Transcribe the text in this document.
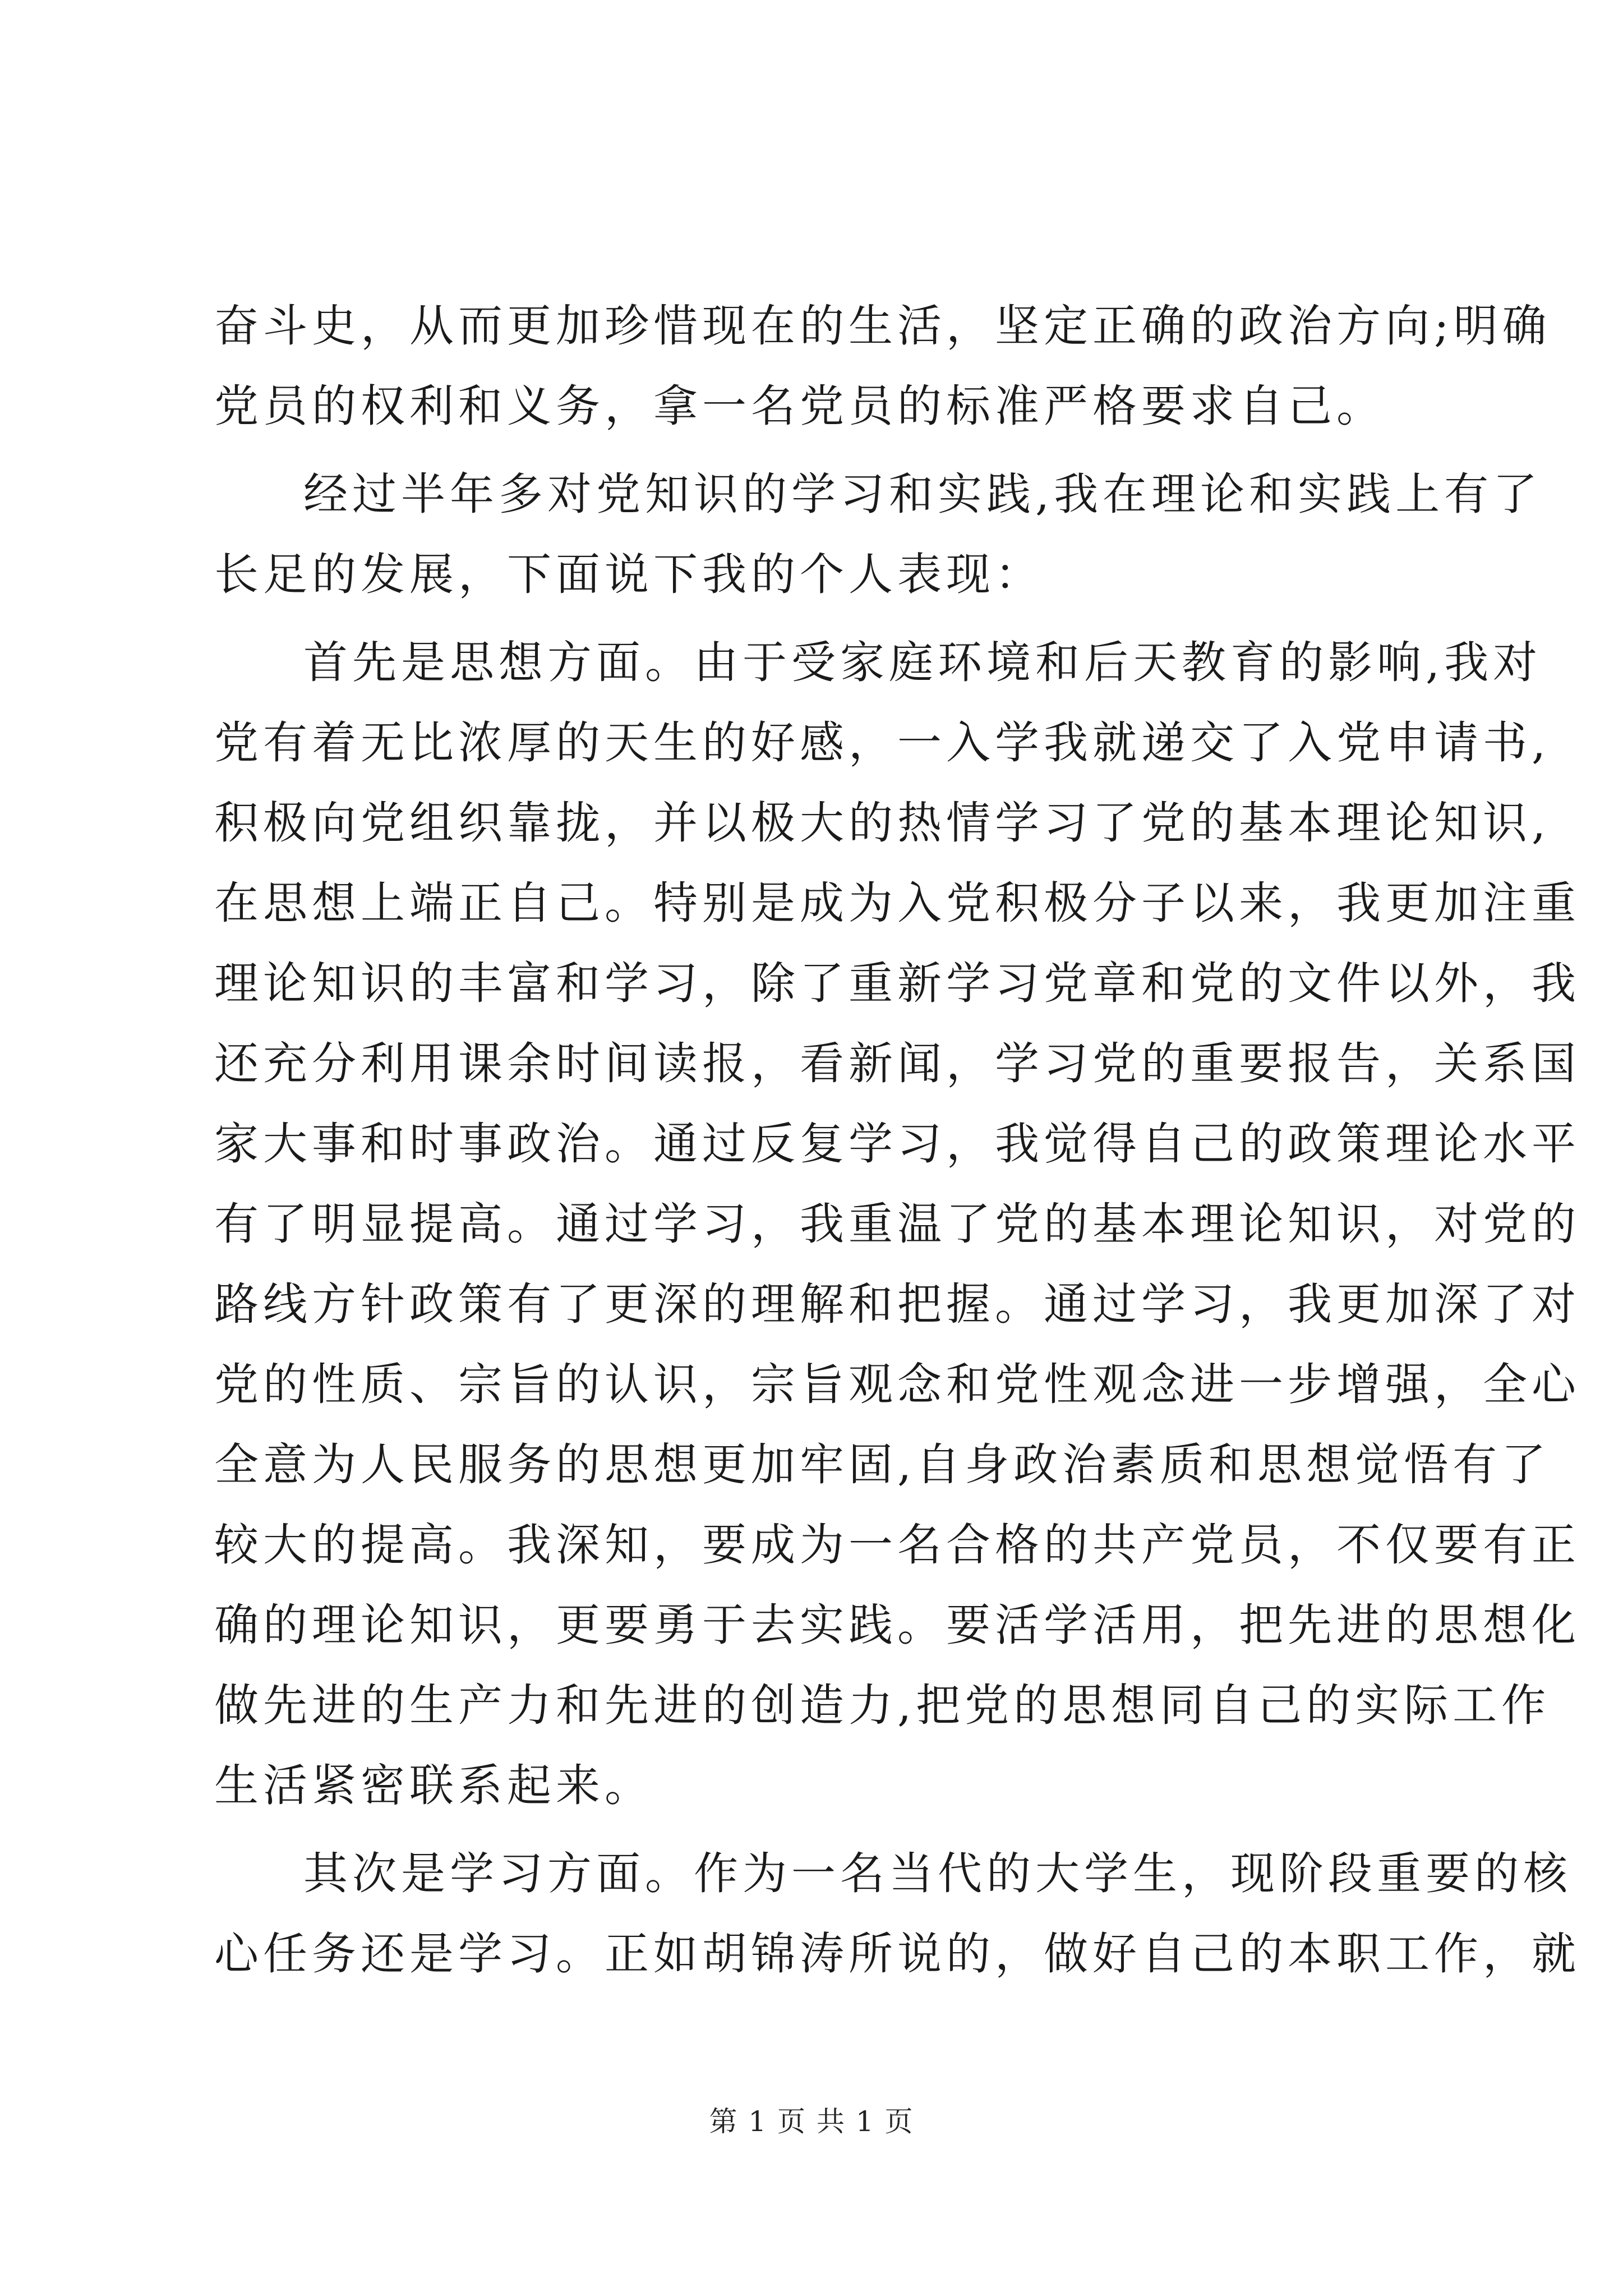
奋斗史，从而更加珍惜现在的生活，坚定正确的政治方向;明确
党员的权利和义务，拿一名党员的标准严格要求自己。
经过半年多对党知识的学习和实践,我在理论和实践上有了
长足的发展，下面说下我的个人表现：
首先是思想方面。由于受家庭环境和后天教育的影响,我对
党有着无比浓厚的天生的好感，一入学我就递交了入党申请书,
积极向党组织靠拢，并以极大的热情学习了党的基本理论知识,
在思想上端正自己。特别是成为入党积极分子以来，我更加注重
理论知识的丰富和学习，除了重新学习党章和党的文件以外，我
还充分利用课余时间读报，看新闻，学习党的重要报告，关系国
家大事和时事政治。通过反复学习，我觉得自己的政策理论水平
有了明显提高。通过学习，我重温了党的基本理论知识，对党的
路线方针政策有了更深的理解和把握。通过学习，我更加深了对
党的性质、宗旨的认识，宗旨观念和党性观念进一步增强，全心
全意为人民服务的思想更加牢固,自身政治素质和思想觉悟有了
较大的提高。我深知，要成为一名合格的共产党员，不仅要有正
确的理论知识，更要勇于去实践。要活学活用，把先进的思想化
做先进的生产力和先进的创造力,把党的思想同自己的实际工作
生活紧密联系起来。
其次是学习方面。作为一名当代的大学生，现阶段重要的核
心任务还是学习。正如胡锦涛所说的，做好自己的本职工作，就
第 1 页 共 1 页
